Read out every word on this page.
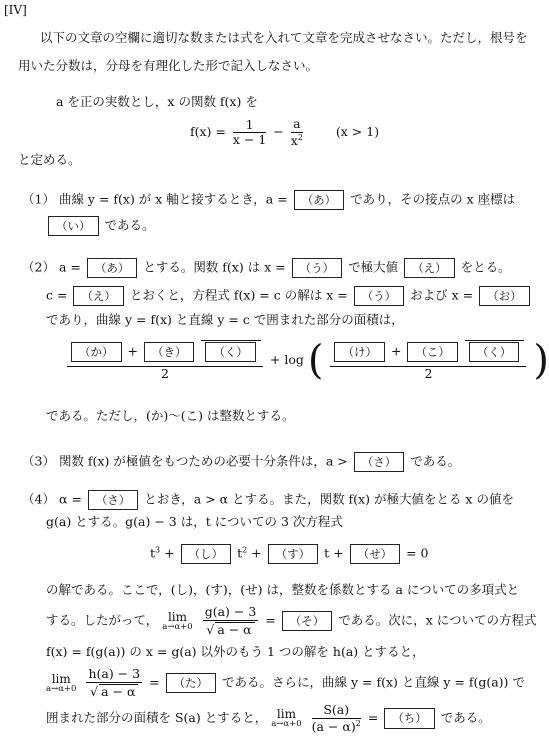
[IV]
以下の文章の空欄に適切な数または式を入れて文章を完成させなさい。ただし，根号を
用いた分数は，分母を有理化した形で記入しなさい。
a を正の実数とし，x の関数 f(x) を
$f(x) = \frac{1}{x - 1} - \frac{a}{x^2}$	(x > 1)
と定める。
（1） 曲線 y = f(x) が x 軸と接するとき，a = （あ） であり，その接点の x 座標は
（い） である。
（2） a = （あ） とする。関数 f(x) は x = （う） で極大値 （え） をとる。
c = （え） とおくと，方程式 f(x) = c の解は x = （う） および x = （お）
であり，曲線 y = f(x) と直線 y = c で囲まれた部分の面積は，
$\frac{\text{（か） + （き） （く）}}{2} + \log$ ( $\frac{\text{（け） + （こ） （く）}}{2}$ )
である。ただし，(か)〜(こ) は整数とする。
（3） 関数 f(x) が極値をもつための必要十分条件は，a > （さ） である。
（4） α = （さ） とおき，a > α とする。また，関数 f(x) が極大値をとる x の値を
g(a) とする。g(a) − 3 は，t についての 3 次方程式
$t^3$ + （し） $t^2$ + （す） t + （せ） = 0
の解である。ここで，(し)，(す)，(せ) は，整数を係数とする a についての多項式と
する。したがって， lim
a→α+0
$\frac{g(a) - 3}{√ a - \alpha}$ = （そ） である。次に，x についての方程式
f(x) = f(g(a)) の x = g(a) 以外のもう 1 つの解を h(a) とすると，
lim
a→α+0
$\frac{h(a) - 3}{√ a - \alpha}$ = （た） である。さらに，曲線 y = f(x) と直線 y = f(g(a)) で
囲まれた部分の面積を S(a) とすると， lim
a→α+0
$\frac{S(a)}{(a - \alpha)^2}$ = （ち） である。
